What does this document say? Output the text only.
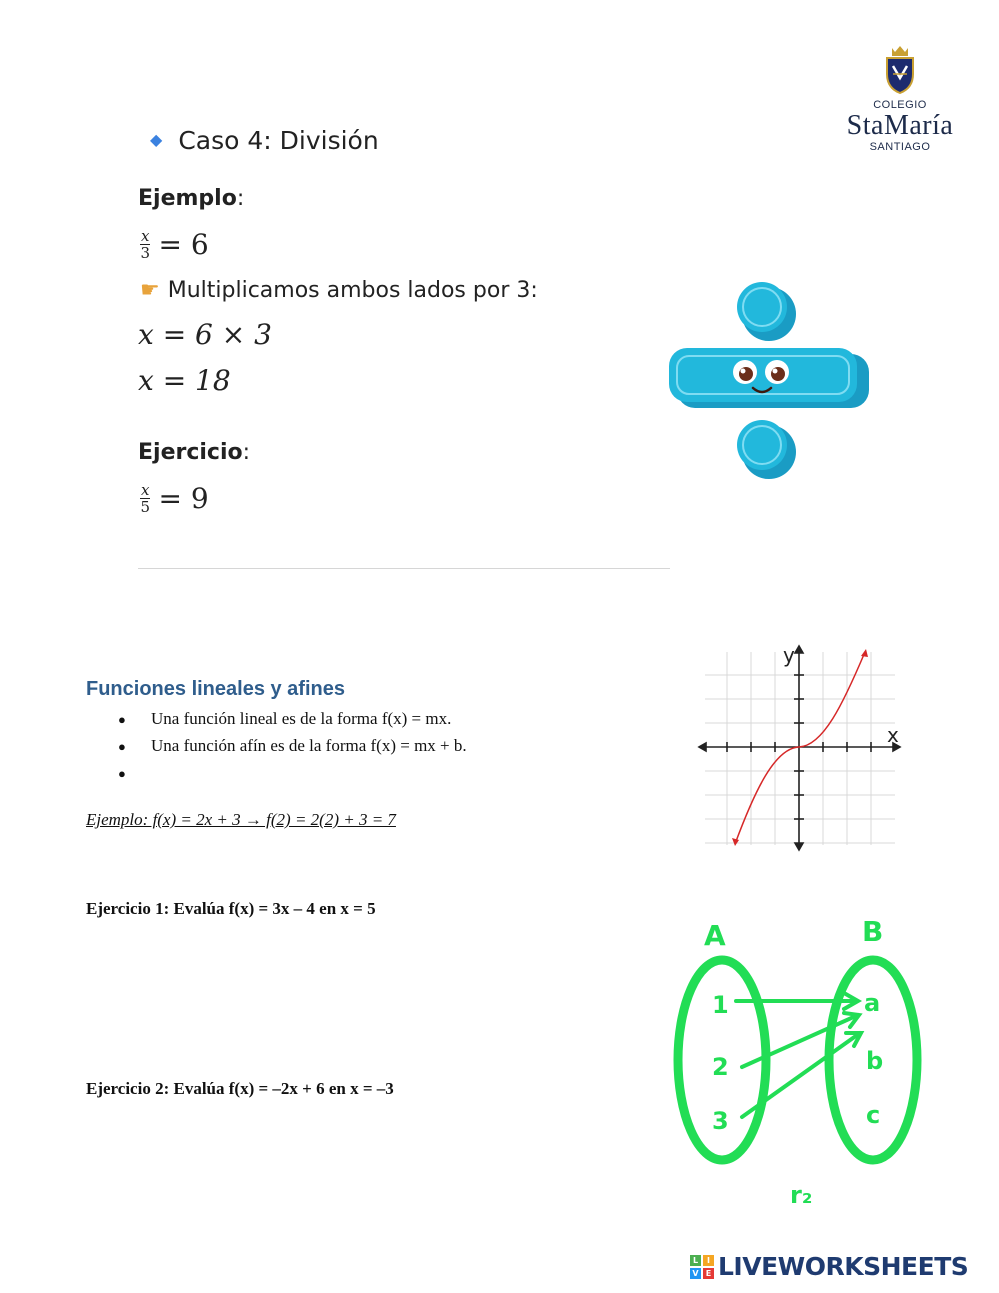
COLEGIO
StaMaría
SANTIAGO
◆ Caso 4: División
Ejemplo:
$\frac{x}{3} = 6$
☛ Multiplicamos ambos lados por 3:
x = 6 × 3
x = 18
Ejercicio:
$\frac{x}{5} = 9$
Funciones lineales y afines
● Una función lineal es de la forma f(x) = mx.
● Una función afín es de la forma f(x) = mx + b.
●
Ejemplo: f(x) = 2x + 3 → f(2) = 2(2) + 3 = 7
Ejercicio 1: Evalúa f(x) = 3x – 4 en x = 5
Ejercicio 2: Evalúa f(x) = –2x + 6 en x = –3
y
x
A	B
1
2
3
a
b
c
r₂
L	I
V E LIVEWORKSHEETS
